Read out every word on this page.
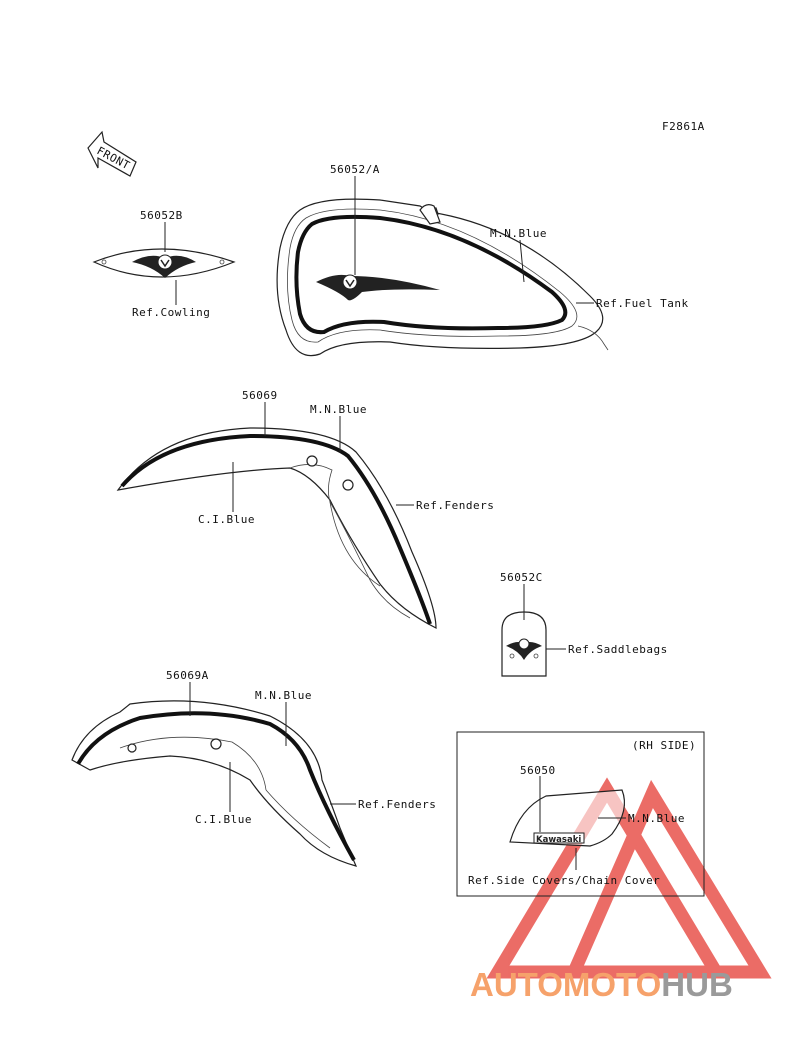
F2861A
FRONT
56052B
Ref.Cowling
56052/A
M.N.Blue
Ref.Fuel Tank
56069
M.N.Blue
C.I.Blue
Ref.Fenders
56052C
Ref.Saddlebags
56069A
M.N.Blue
C.I.Blue
Ref.Fenders
(RH SIDE)
Kawasaki
56050
M.N.Blue
Ref.Side Covers/Chain Cover
AUTOMOTOHUB
